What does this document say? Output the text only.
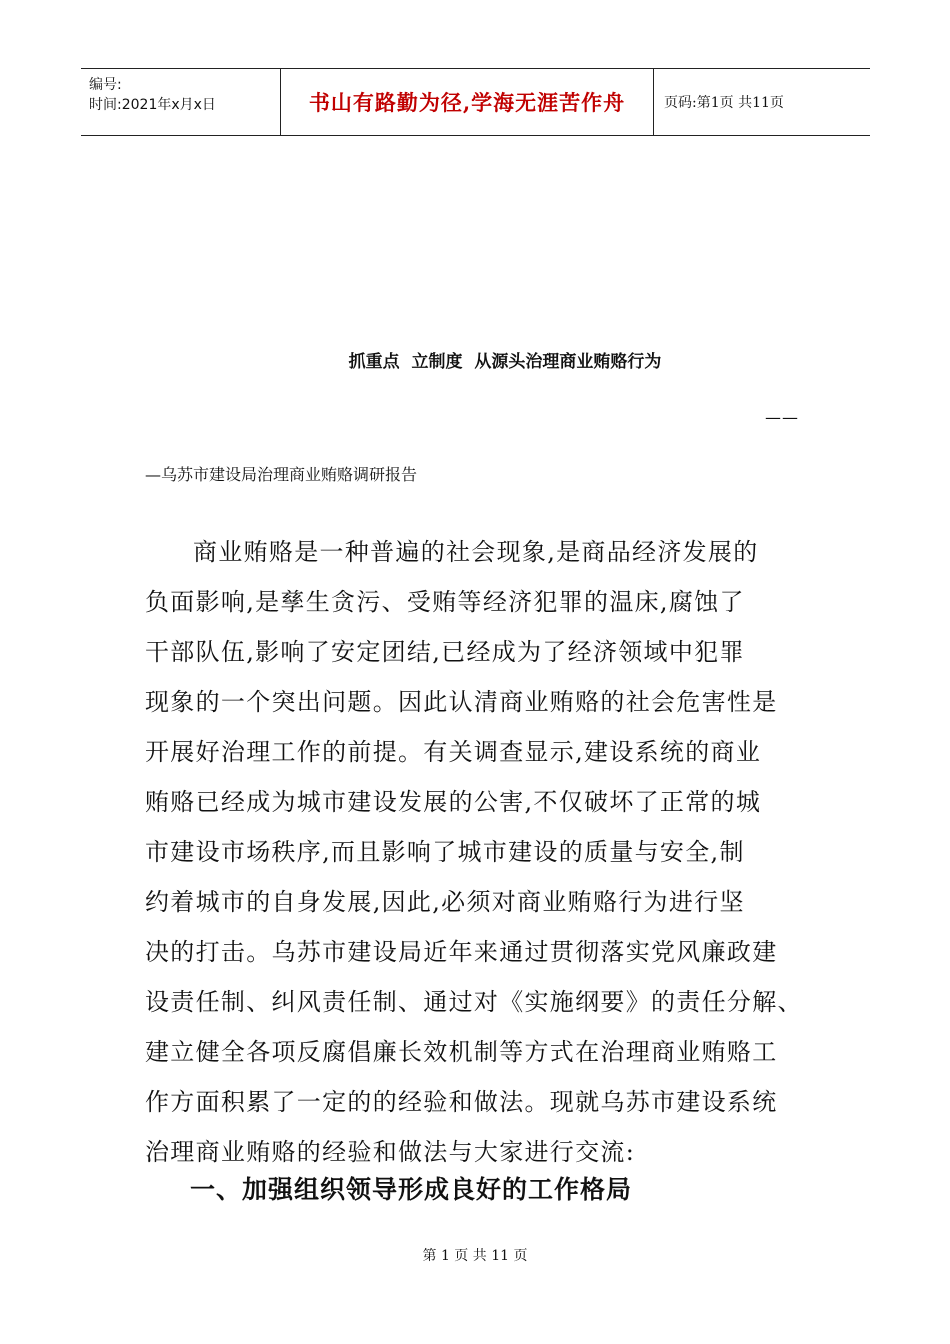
编号:
时间:2021年x月x日	书山有路勤为径,学海无涯苦作舟	页码:第1页 共11页
抓重点  立制度  从源头治理商业贿赂行为
——
—乌苏市建设局治理商业贿赂调研报告
商业贿赂是一种普遍的社会现象,是商品经济发展的
负面影响,是孳生贪污、受贿等经济犯罪的温床,腐蚀了
干部队伍,影响了安定团结,已经成为了经济领域中犯罪
现象的一个突出问题。因此认清商业贿赂的社会危害性是
开展好治理工作的前提。有关调查显示,建设系统的商业
贿赂已经成为城市建设发展的公害,不仅破坏了正常的城
市建设市场秩序,而且影响了城市建设的质量与安全,制
约着城市的自身发展,因此,必须对商业贿赂行为进行坚
决的打击。乌苏市建设局近年来通过贯彻落实党风廉政建
设责任制、纠风责任制、通过对《实施纲要》的责任分解、
建立健全各项反腐倡廉长效机制等方式在治理商业贿赂工
作方面积累了一定的的经验和做法。现就乌苏市建设系统
治理商业贿赂的经验和做法与大家进行交流:
一、加强组织领导形成良好的工作格局
第 1 页 共 11 页
